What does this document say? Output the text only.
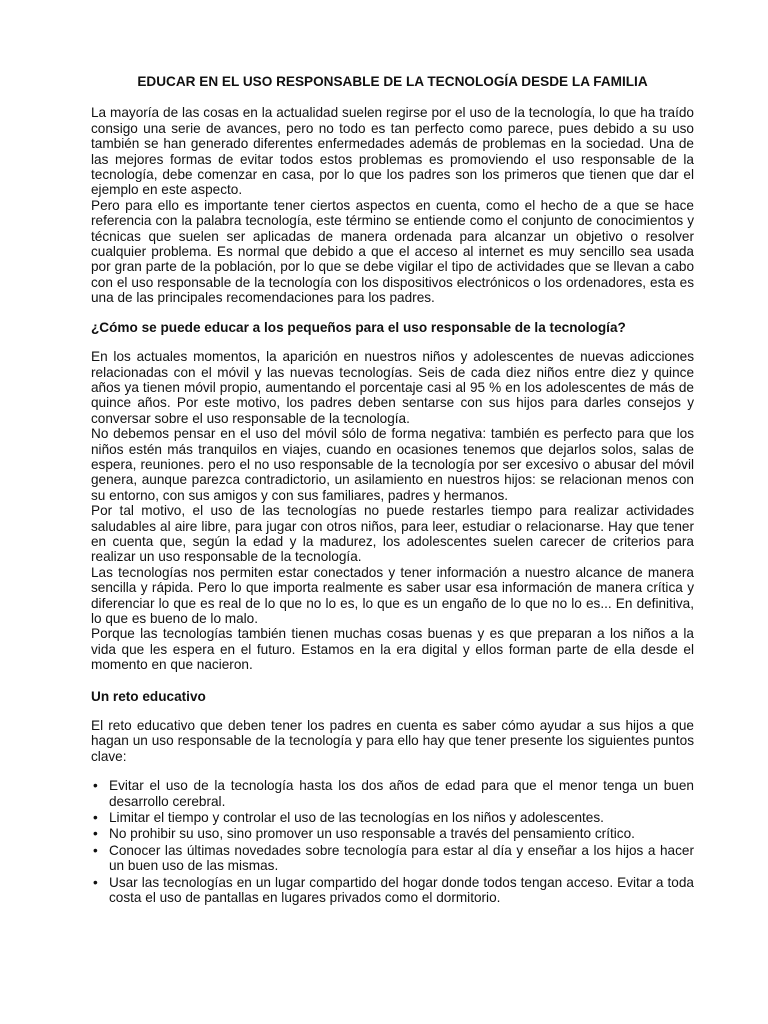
EDUCAR EN EL USO RESPONSABLE DE LA TECNOLOGÍA DESDE LA FAMILIA

La mayoría de las cosas en la actualidad suelen regirse por el uso de la tecnología, lo que ha traído consigo una serie de avances, pero no todo es tan perfecto como parece, pues debido a su uso también se han generado diferentes enfermedades además de problemas en la sociedad. Una de las mejores formas de evitar todos estos problemas es promoviendo el uso responsable de la tecnología, debe comenzar en casa, por lo que los padres son los primeros que tienen que dar el ejemplo en este aspecto.

Pero para ello es importante tener ciertos aspectos en cuenta, como el hecho de a que se hace referencia con la palabra tecnología, este término se entiende como el conjunto de conocimientos y técnicas que suelen ser aplicadas de manera ordenada para alcanzar un objetivo o resolver cualquier problema. Es normal que debido a que el acceso al internet es muy sencillo sea usada por gran parte de la población, por lo que se debe vigilar el tipo de actividades que se llevan a cabo con el uso responsable de la tecnología con los dispositivos electrónicos o los ordenadores, esta es una de las principales recomendaciones para los padres.

¿Cómo se puede educar a los pequeños para el uso responsable de la tecnología?

En los actuales momentos, la aparición en nuestros niños y adolescentes de nuevas adicciones relacionadas con el móvil y las nuevas tecnologías. Seis de cada diez niños entre diez y quince años ya tienen móvil propio, aumentando el porcentaje casi al 95 % en los adolescentes de más de quince años. Por este motivo, los padres deben sentarse con sus hijos para darles consejos y conversar sobre el uso responsable de la tecnología.

No debemos pensar en el uso del móvil sólo de forma negativa: también es perfecto para que los niños estén más tranquilos en viajes, cuando en ocasiones tenemos que dejarlos solos, salas de espera, reuniones. pero el no uso responsable de la tecnología por ser excesivo o abusar del móvil genera, aunque parezca contradictorio, un asilamiento en nuestros hijos: se relacionan menos con su entorno, con sus amigos y con sus familiares, padres y hermanos.

Por tal motivo, el uso de las tecnologías no puede restarles tiempo para realizar actividades saludables al aire libre, para jugar con otros niños, para leer, estudiar o relacionarse. Hay que tener en cuenta que, según la edad y la madurez, los adolescentes suelen carecer de criterios para realizar un uso responsable de la tecnología.

Las tecnologías nos permiten estar conectados y tener información a nuestro alcance de manera sencilla y rápida. Pero lo que importa realmente es saber usar esa información de manera crítica y diferenciar lo que es real de lo que no lo es, lo que es un engaño de lo que no lo es... En definitiva, lo que es bueno de lo malo.

Porque las tecnologías también tienen muchas cosas buenas y es que preparan a los niños a la vida que les espera en el futuro. Estamos en la era digital y ellos forman parte de ella desde el momento en que nacieron.

Un reto educativo

El reto educativo que deben tener los padres en cuenta es saber cómo ayudar a sus hijos a que hagan un uso responsable de la tecnología y para ello hay que tener presente los siguientes puntos clave:

• Evitar el uso de la tecnología hasta los dos años de edad para que el menor tenga un buen desarrollo cerebral.
• Limitar el tiempo y controlar el uso de las tecnologías en los niños y adolescentes.
• No prohibir su uso, sino promover un uso responsable a través del pensamiento crítico.
• Conocer las últimas novedades sobre tecnología para estar al día y enseñar a los hijos a hacer un buen uso de las mismas.
• Usar las tecnologías en un lugar compartido del hogar donde todos tengan acceso. Evitar a toda costa el uso de pantallas en lugares privados como el dormitorio.
